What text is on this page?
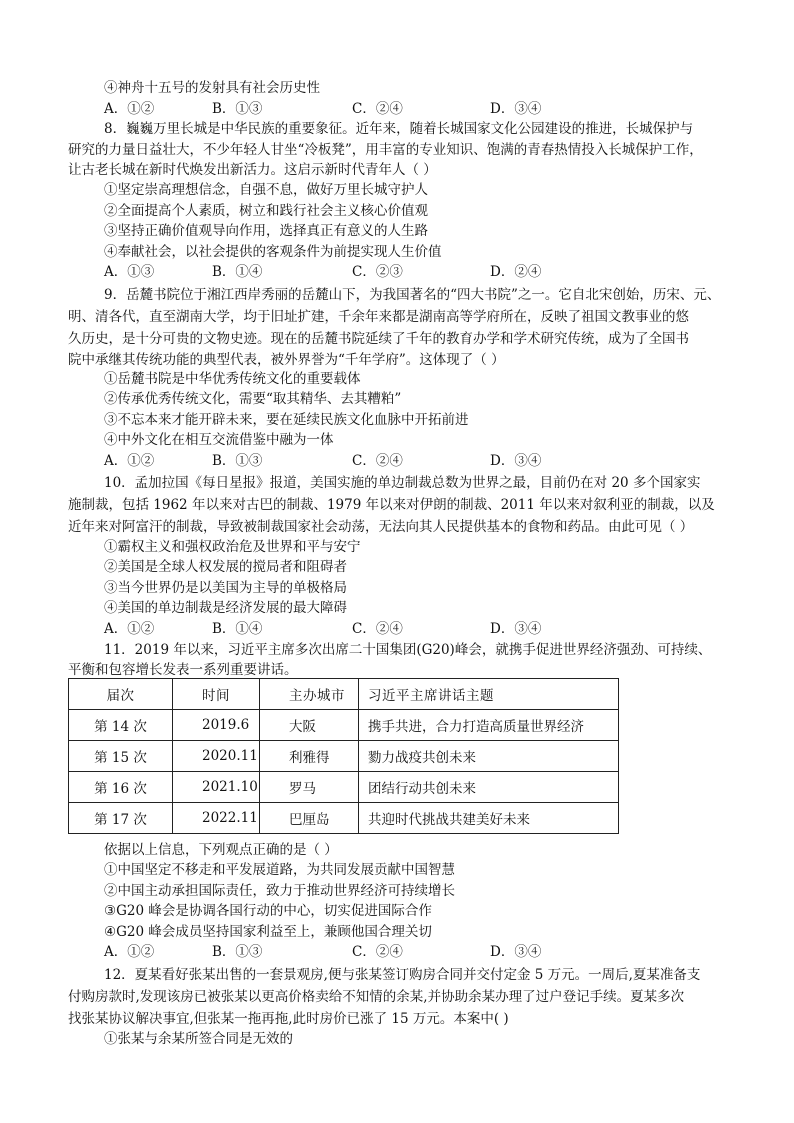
④神舟十五号的发射具有社会历史性
A．①②	B．①③	C．②④	D．③④
8．巍巍万里长城是中华民族的重要象征。近年来，随着长城国家文化公园建设的推进，长城保护与
研究的力量日益壮大，不少年轻人甘坐“冷板凳”，用丰富的专业知识、饱满的青春热情投入长城保护工作，
让古老长城在新时代焕发出新活力。这启示新时代青年人（ ）
①坚定崇高理想信念，自强不息，做好万里长城守护人
②全面提高个人素质，树立和践行社会主义核心价值观
③坚持正确价值观导向作用，选择真正有意义的人生路
④奉献社会，以社会提供的客观条件为前提实现人生价值
A．①③	B．①④	C．②③	D．②④
9．岳麓书院位于湘江西岸秀丽的岳麓山下，为我国著名的“四大书院”之一。它自北宋创始，历宋、元、
明、清各代，直至湖南大学，均于旧址扩建，千余年来都是湖南高等学府所在，反映了祖国文教事业的悠
久历史，是十分可贵的文物史迹。现在的岳麓书院延续了千年的教育办学和学术研究传统，成为了全国书
院中承继其传统功能的典型代表，被外界誉为“千年学府”。这体现了（ ）
①岳麓书院是中华优秀传统文化的重要载体
②传承优秀传统文化，需要“取其精华、去其糟粕”
③不忘本来才能开辟未来，要在延续民族文化血脉中开拓前进
④中外文化在相互交流借鉴中融为一体
A．①②	B．①③	C．②④	D．③④
10．孟加拉国《每日星报》报道，美国实施的单边制裁总数为世界之最，目前仍在对 20 多个国家实
施制裁，包括 1962 年以来对古巴的制裁、1979 年以来对伊朗的制裁、2011 年以来对叙利亚的制裁，以及
近年来对阿富汗的制裁，导致被制裁国家社会动荡，无法向其人民提供基本的食物和药品。由此可见（ ）
①霸权主义和强权政治危及世界和平与安宁
②美国是全球人权发展的搅局者和阻碍者
③当今世界仍是以美国为主导的单极格局
④美国的单边制裁是经济发展的最大障碍
A．①②	B．①④	C．②④	D．③④
11．2019 年以来，习近平主席多次出席二十国集团(G20)峰会，就携手促进世界经济强劲、可持续、
平衡和包容增长发表一系列重要讲话。
届次	时间	主办城市	习近平主席讲话主题

第 14 次	2019.6	大阪	携手共进，合力打造高质量世界经济

第 15 次	2020.11	利雅得	勠力战疫共创未来

第 16 次	2021.10	罗马	团结行动共创未来

第 17 次	2022.11	巴厘岛	共迎时代挑战共建美好未来
依据以上信息，下列观点正确的是（ ）
①中国坚定不移走和平发展道路，为共同发展贡献中国智慧
②中国主动承担国际责任，致力于推动世界经济可持续增长
③G20 峰会是协调各国行动的中心，切实促进国际合作
④G20 峰会成员坚持国家利益至上，兼顾他国合理关切
A．①②	B．①③	C．②④	D．③④
12．夏某看好张某出售的一套景观房,便与张某签订购房合同并交付定金 5 万元。一周后,夏某准备支
付购房款时,发现该房已被张某以更高价格卖给不知情的余某,并协助余某办理了过户登记手续。夏某多次
找张某协议解决事宜,但张某一拖再拖,此时房价已涨了 15 万元。本案中( )
①张某与余某所签合同是无效的
